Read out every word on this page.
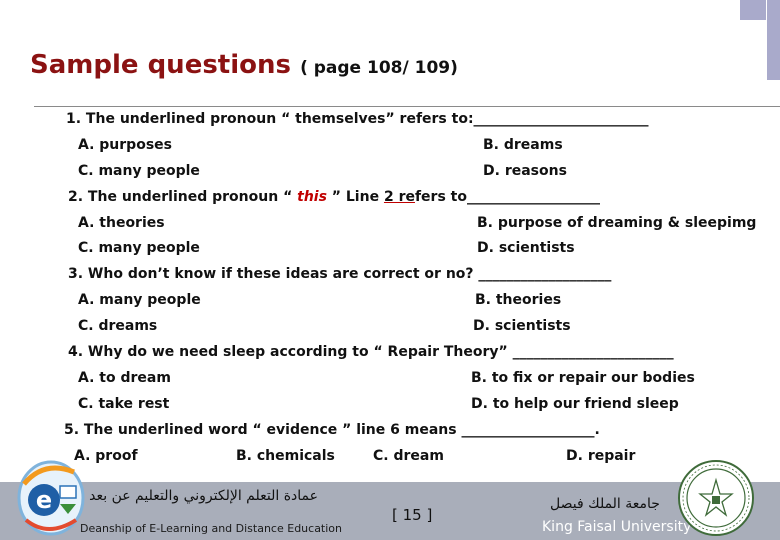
Sample questions ( page 108/ 109)
1. The underlined pronoun “ themselves” refers to:_________________________
A. purposes	B. dreams
C. many people	D. reasons
2. The underlined pronoun “ this ” Line 2 refers to___________________
A. theories	B. purpose of dreaming & sleepimg
C. many people	D. scientists
3. Who don’t know if these ideas are correct or no? ___________________
A. many people	B. theories
C. dreams	D. scientists
4. Why do we need sleep according to “ Repair Theory” _______________________
A. to dream	B. to fix or repair our bodies
C. take rest	D. to help our friend sleep
5. The underlined word “ evidence ” line 6 means ___________________.
A. proof	B. chemicals	C. dream	D. repair
e	عمادة التعلم الإلكتروني والتعليم عن بعد
Deanship of E-Learning and Distance Education
[ 15 ]
جامعة الملك فيصل
King Faisal University
